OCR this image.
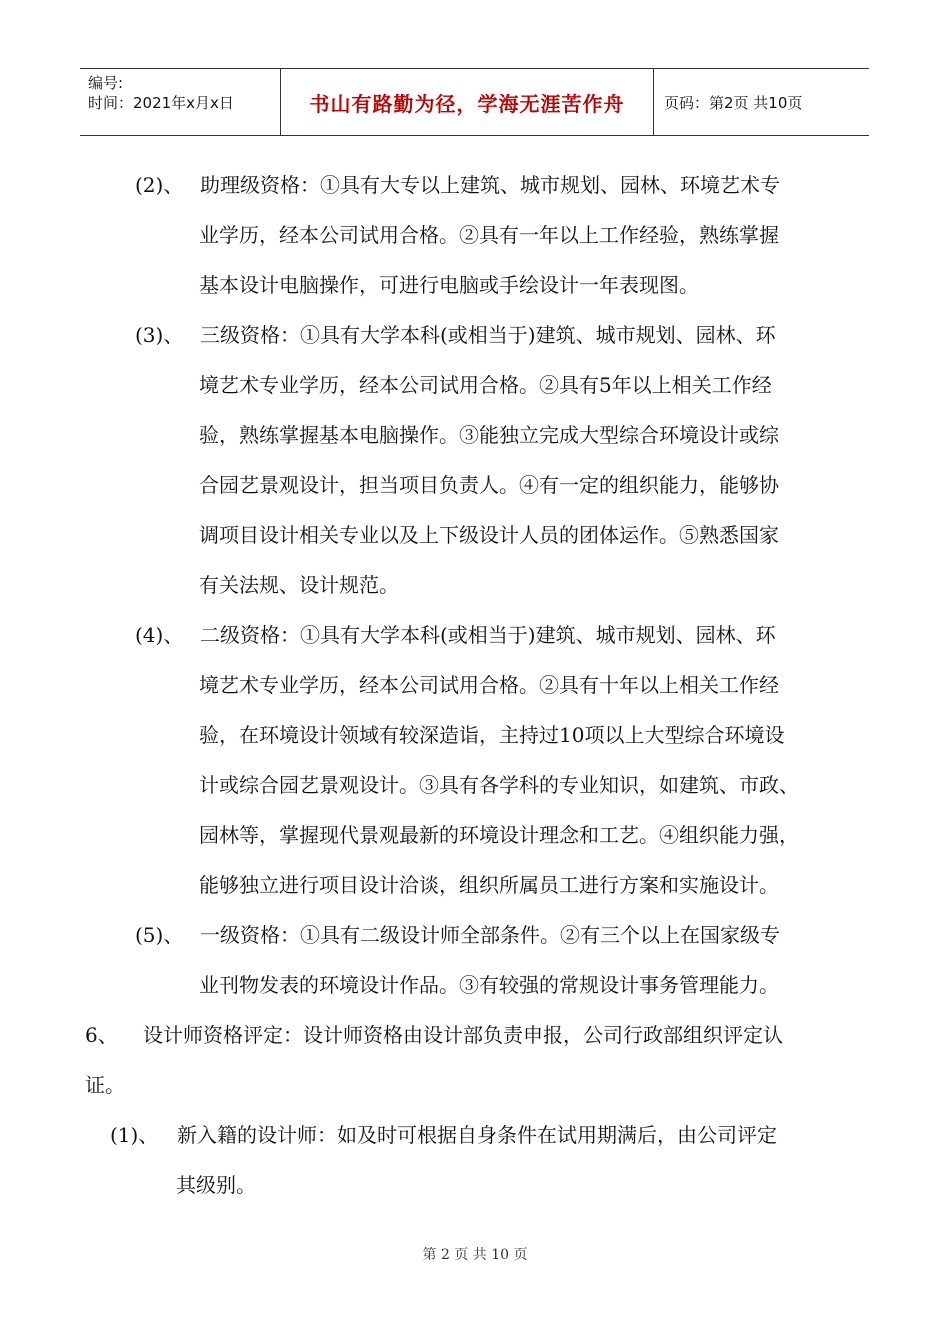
编号:
时间：2021年x月x日	书山有路勤为径，学海无涯苦作舟	页码：第2页 共10页
(2)、 助理级资格：①具有大专以上建筑、城市规划、园林、环境艺术专
业学历，经本公司试用合格。②具有一年以上工作经验，熟练掌握
基本设计电脑操作，可进行电脑或手绘设计一年表现图。
(3)、 三级资格：①具有大学本科(或相当于)建筑、城市规划、园林、环
境艺术专业学历，经本公司试用合格。②具有5年以上相关工作经
验，熟练掌握基本电脑操作。③能独立完成大型综合环境设计或综
合园艺景观设计，担当项目负责人。④有一定的组织能力，能够协
调项目设计相关专业以及上下级设计人员的团体运作。⑤熟悉国家
有关法规、设计规范。
(4)、 二级资格：①具有大学本科(或相当于)建筑、城市规划、园林、环
境艺术专业学历，经本公司试用合格。②具有十年以上相关工作经
验，在环境设计领域有较深造诣，主持过10项以上大型综合环境设
计或综合园艺景观设计。③具有各学科的专业知识，如建筑、市政、
园林等，掌握现代景观最新的环境设计理念和工艺。④组织能力强，
能够独立进行项目设计洽谈，组织所属员工进行方案和实施设计。
(5)、 一级资格：①具有二级设计师全部条件。②有三个以上在国家级专
业刊物发表的环境设计作品。③有较强的常规设计事务管理能力。
6、 设计师资格评定：设计师资格由设计部负责申报，公司行政部组织评定认
证。
(1)、 新入籍的设计师：如及时可根据自身条件在试用期满后，由公司评定
其级别。
第 2 页 共 10 页
